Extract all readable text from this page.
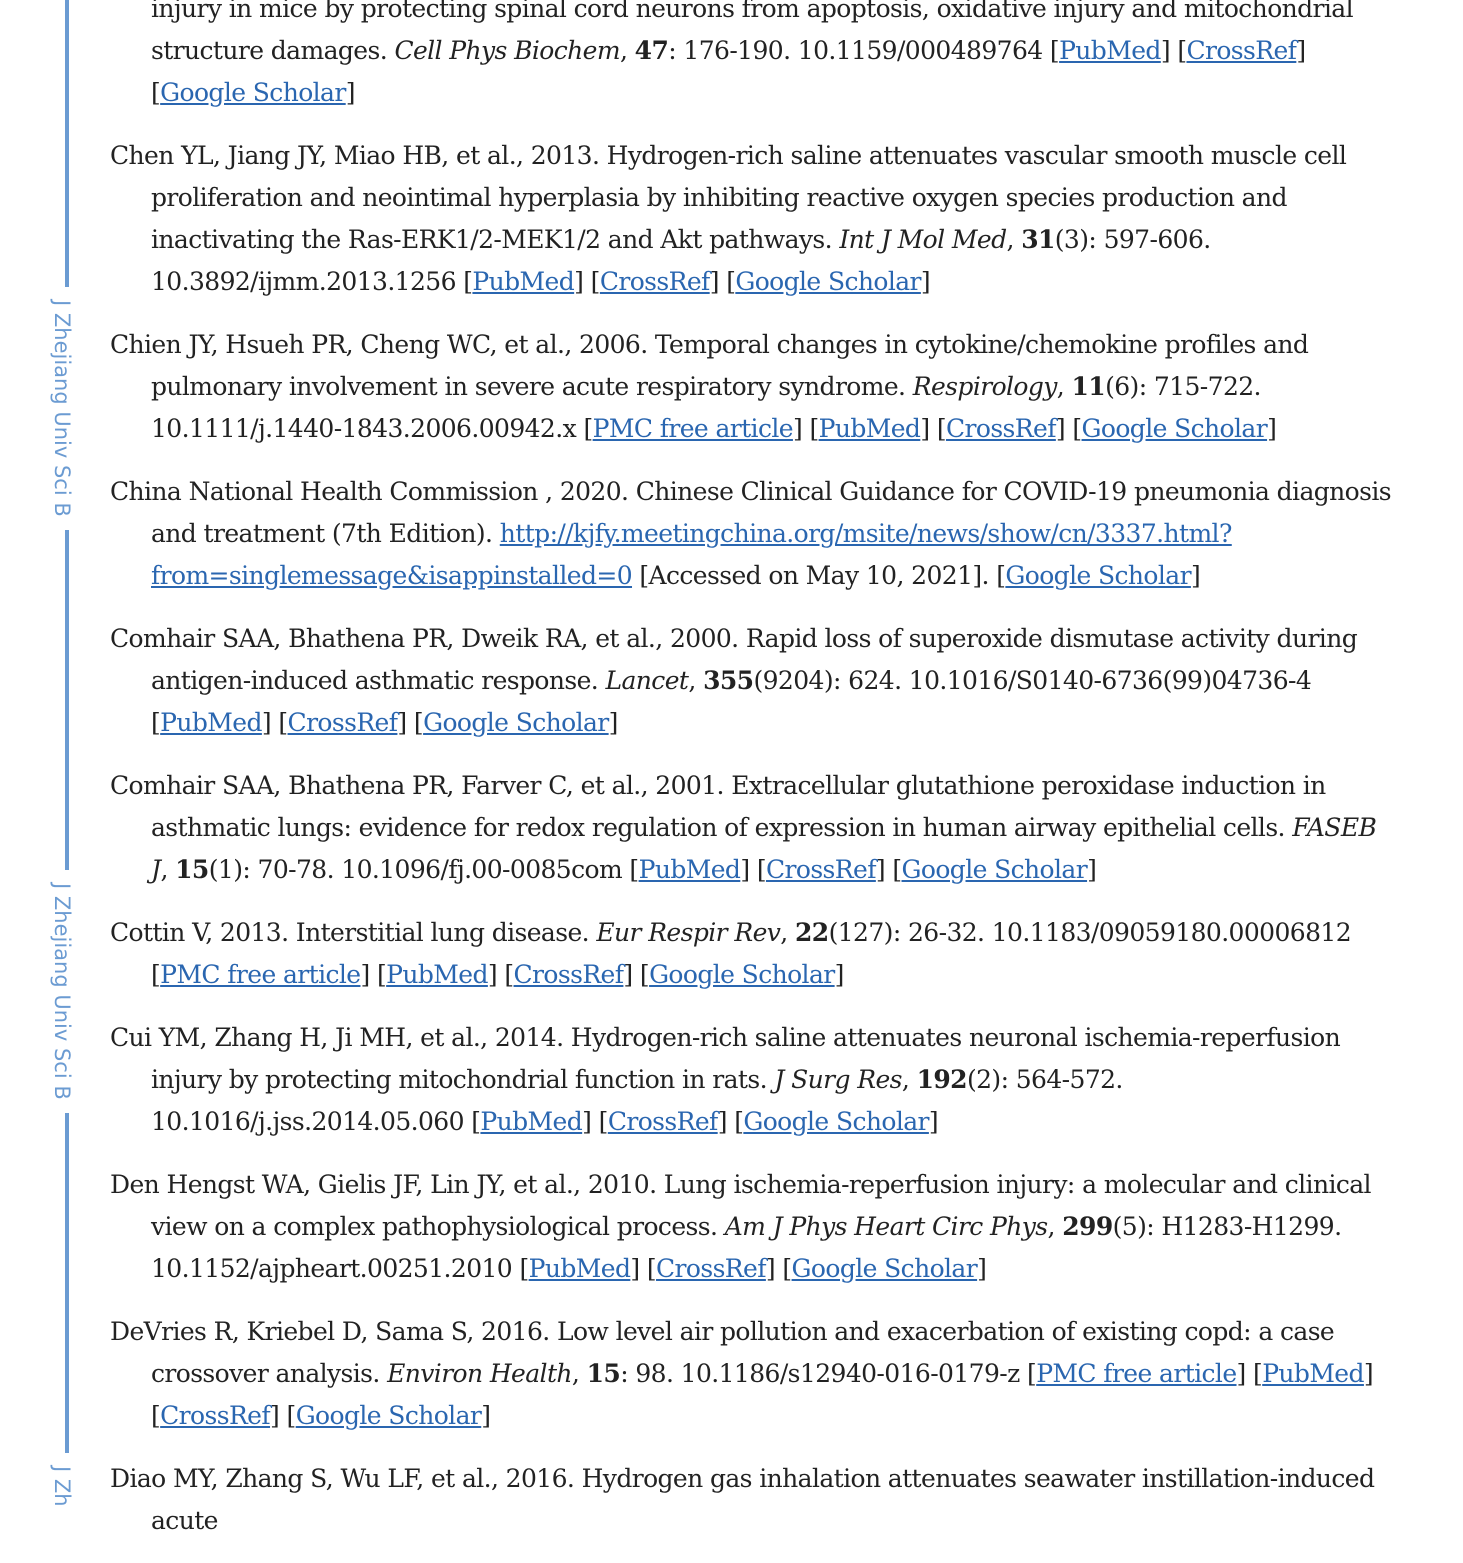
J Zhejiang Univ Sci B  J Zhejiang Univ Sci B  J Zh
injury in mice by protecting spinal cord neurons from apoptosis, oxidative injury and mitochondrial structure damages. Cell Phys Biochem, 47: 176-190. 10.1159/000489764 [PubMed] [CrossRef] [Google Scholar]
Chen YL, Jiang JY, Miao HB, et al., 2013. Hydrogen-rich saline attenuates vascular smooth muscle cell proliferation and neointimal hyperplasia by inhibiting reactive oxygen species production and inactivating the Ras-ERK1/2-MEK1/2 and Akt pathways. Int J Mol Med, 31(3): 597-606. 10.3892/ijmm.2013.1256 [PubMed] [CrossRef] [Google Scholar]
Chien JY, Hsueh PR, Cheng WC, et al., 2006. Temporal changes in cytokine/chemokine profiles and pulmonary involvement in severe acute respiratory syndrome. Respirology, 11(6): 715-722. 10.1111/j.1440-1843.2006.00942.x [PMC free article] [PubMed] [CrossRef] [Google Scholar]
China National Health Commission , 2020. Chinese Clinical Guidance for COVID-19 pneumonia diagnosis and treatment (7th Edition). http://kjfy.meetingchina.org/msite/news/show/cn/3337.html?from=singlemessage&isappinstalled=0 [Accessed on May 10, 2021]. [Google Scholar]
Comhair SAA, Bhathena PR, Dweik RA, et al., 2000. Rapid loss of superoxide dismutase activity during antigen-induced asthmatic response. Lancet, 355(9204): 624. 10.1016/S0140-6736(99)04736-4 [PubMed] [CrossRef] [Google Scholar]
Comhair SAA, Bhathena PR, Farver C, et al., 2001. Extracellular glutathione peroxidase induction in asthmatic lungs: evidence for redox regulation of expression in human airway epithelial cells. FASEB J, 15(1): 70-78. 10.1096/fj.00-0085com [PubMed] [CrossRef] [Google Scholar]
Cottin V, 2013. Interstitial lung disease. Eur Respir Rev, 22(127): 26-32. 10.1183/09059180.00006812 [PMC free article] [PubMed] [CrossRef] [Google Scholar]
Cui YM, Zhang H, Ji MH, et al., 2014. Hydrogen-rich saline attenuates neuronal ischemia-reperfusion injury by protecting mitochondrial function in rats. J Surg Res, 192(2): 564-572. 10.1016/j.jss.2014.05.060 [PubMed] [CrossRef] [Google Scholar]
Den Hengst WA, Gielis JF, Lin JY, et al., 2010. Lung ischemia-reperfusion injury: a molecular and clinical view on a complex pathophysiological process. Am J Phys Heart Circ Phys, 299(5): H1283-H1299. 10.1152/ajpheart.00251.2010 [PubMed] [CrossRef] [Google Scholar]
DeVries R, Kriebel D, Sama S, 2016. Low level air pollution and exacerbation of existing copd: a case crossover analysis. Environ Health, 15: 98. 10.1186/s12940-016-0179-z [PMC free article] [PubMed] [CrossRef] [Google Scholar]
Diao MY, Zhang S, Wu LF, et al., 2016. Hydrogen gas inhalation attenuates seawater instillation-induced acute
